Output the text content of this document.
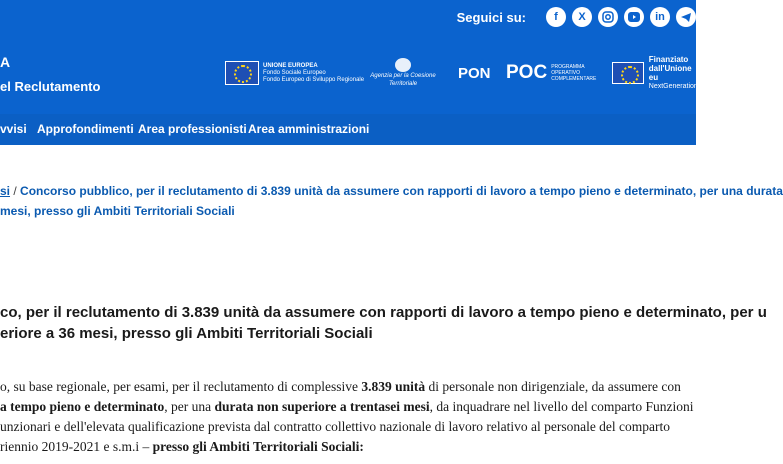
Seguici su:	f	X	in
A
el Reclutamento
UNIONE EUROPEA
Fondo Sociale Europeo
Fondo Europeo di Sviluppo Regionale
Agenzia per la Coesione Territoriale
PON POC PROGRAMMA
OPERATIVO
COMPLEMENTARE
Finanziato
dall'Unione eu
NextGenerationE
vvisi Approfondimenti Area professionisti Area amministrazioni
si / Concorso pubblico, per il reclutamento di 3.839 unità da assumere con rapporti di lavoro a tempo pieno e determinato, per una durata
mesi, presso gli Ambiti Territoriali Sociali
co, per il reclutamento di 3.839 unità da assumere con rapporti di lavoro a tempo pieno e determinato, per u
eriore a 36 mesi, presso gli Ambiti Territoriali Sociali
o, su base regionale, per esami, per il reclutamento di complessive 3.839 unità di personale non dirigenziale, da assumere con
a tempo pieno e determinato, per una durata non superiore a trentasei mesi, da inquadrare nel livello del comparto Funzioni
unzionari e dell'elevata qualificazione prevista dal contratto collettivo nazionale di lavoro relativo al personale del comparto
riennio 2019-2021 e s.m.i – presso gli Ambiti Territoriali Sociali:
